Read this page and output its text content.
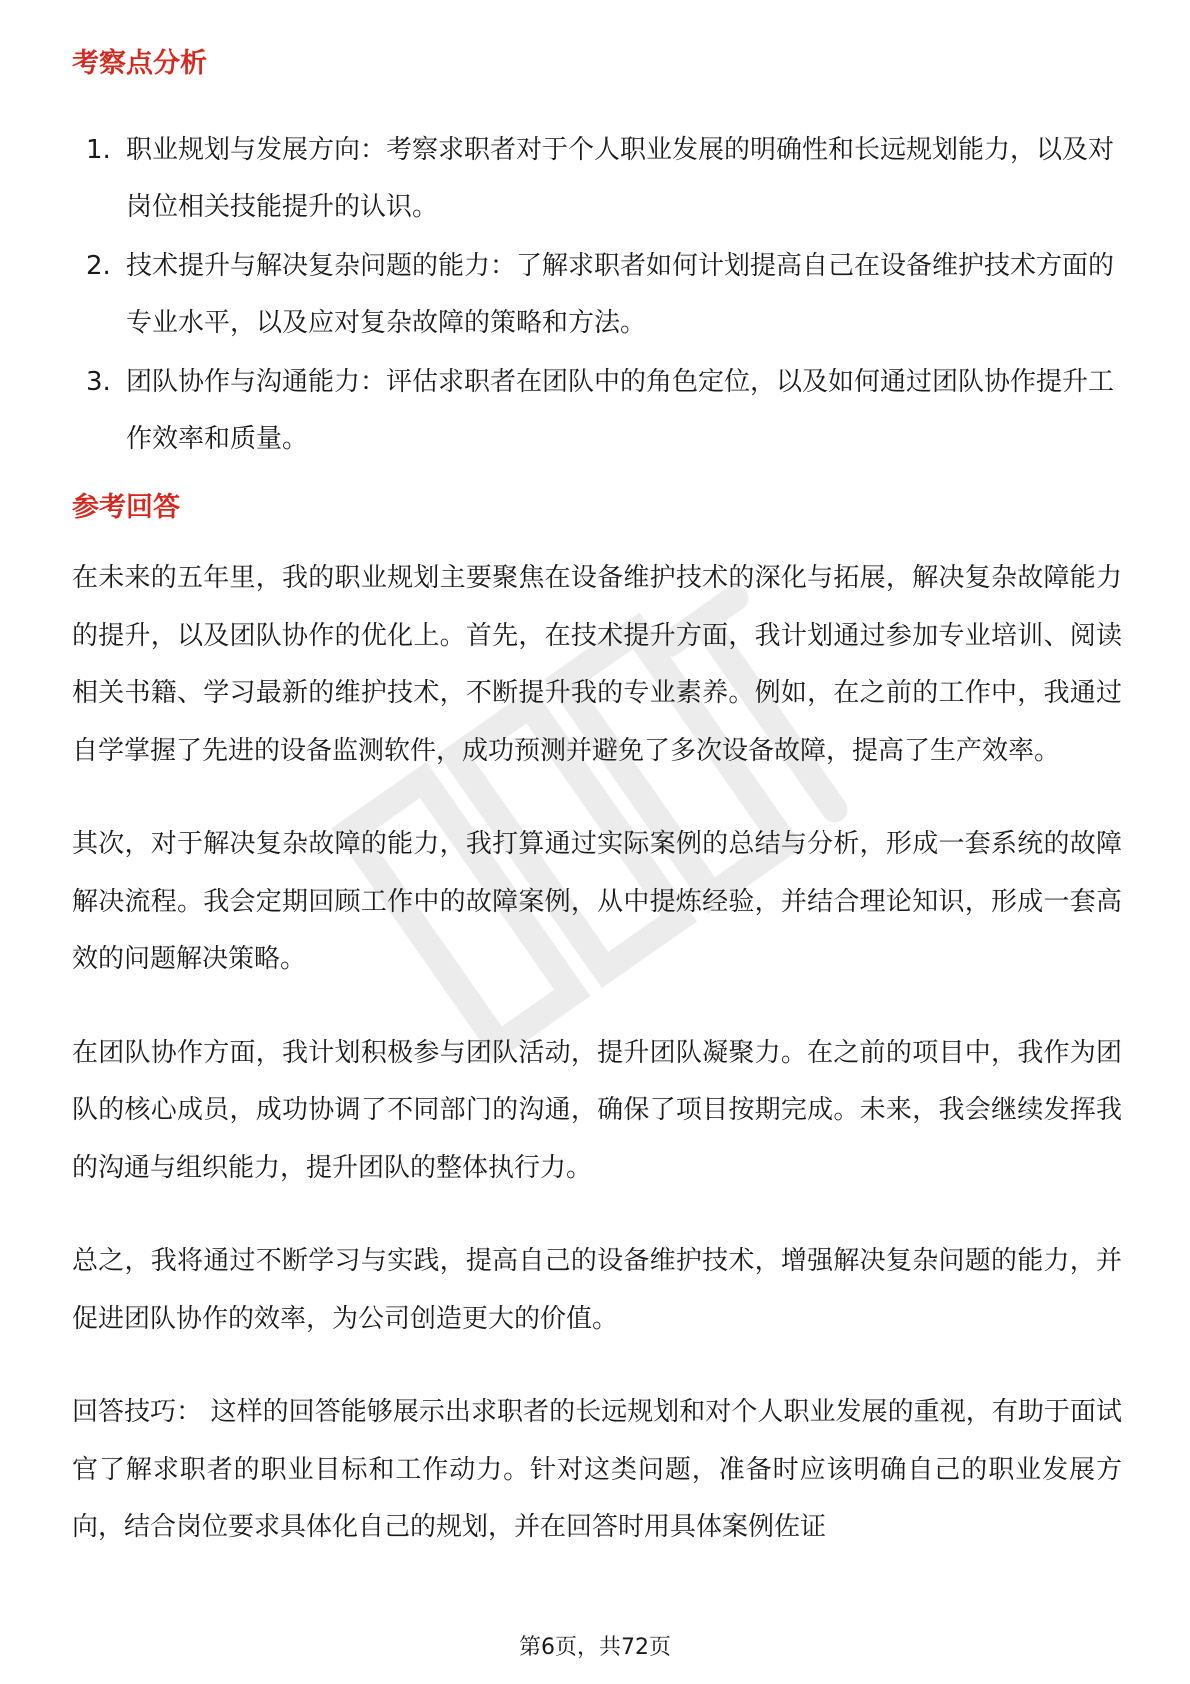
考察点分析
1. 职业规划与发展方向：考察求职者对于个人职业发展的明确性和长远规划能力，以及对岗位相关技能提升的认识。
2. 技术提升与解决复杂问题的能力：了解求职者如何计划提高自己在设备维护技术方面的专业水平，以及应对复杂故障的策略和方法。
3. 团队协作与沟通能力：评估求职者在团队中的角色定位，以及如何通过团队协作提升工作效率和质量。
参考回答

在未来的五年里，我的职业规划主要聚焦在设备维护技术的深化与拓展，解决复杂故障能力的提升，以及团队协作的优化上。首先，在技术提升方面，我计划通过参加专业培训、阅读相关书籍、学习最新的维护技术，不断提升我的专业素养。例如，在之前的工作中，我通过自学掌握了先进的设备监测软件，成功预测并避免了多次设备故障，提高了生产效率。

其次，对于解决复杂故障的能力，我打算通过实际案例的总结与分析，形成一套系统的故障解决流程。我会定期回顾工作中的故障案例，从中提炼经验，并结合理论知识，形成一套高效的问题解决策略。

在团队协作方面，我计划积极参与团队活动，提升团队凝聚力。在之前的项目中，我作为团队的核心成员，成功协调了不同部门的沟通，确保了项目按期完成。未来，我会继续发挥我的沟通与组织能力，提升团队的整体执行力。

总之，我将通过不断学习与实践，提高自己的设备维护技术，增强解决复杂问题的能力，并促进团队协作的效率，为公司创造更大的价值。

回答技巧： 这样的回答能够展示出求职者的长远规划和对个人职业发展的重视，有助于面试官了解求职者的职业目标和工作动力。针对这类问题，准备时应该明确自己的职业发展方向，结合岗位要求具体化自己的规划，并在回答时用具体案例佐证

第6页，共72页
